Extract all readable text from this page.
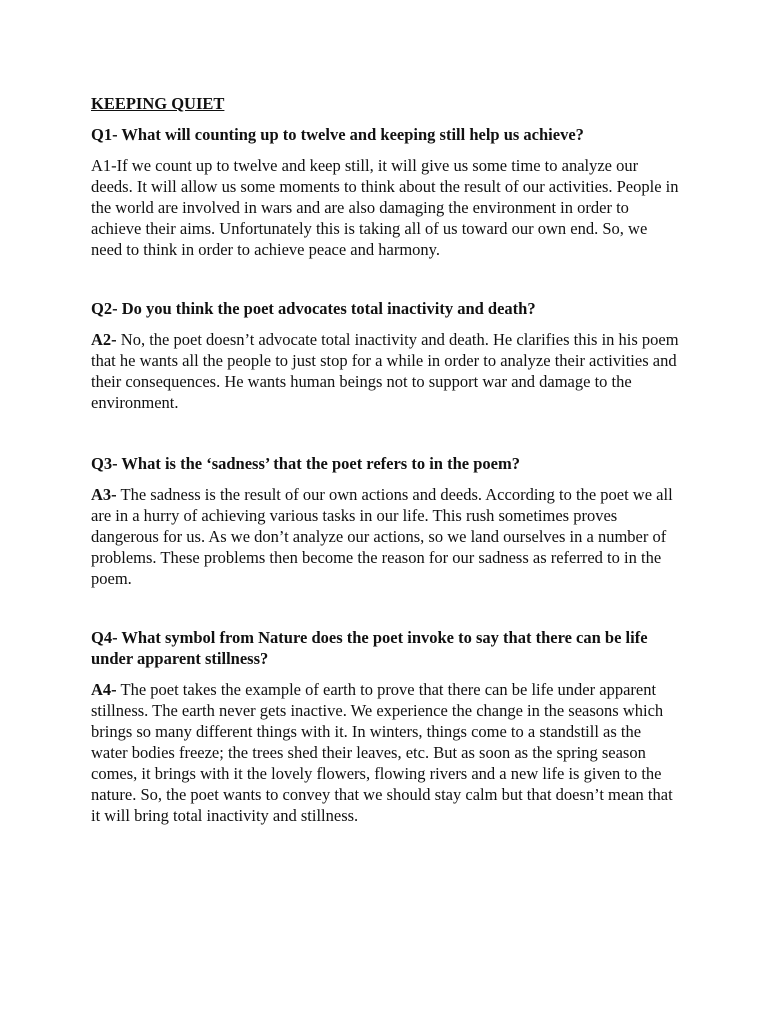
KEEPING QUIET
Q1- What will counting up to twelve and keeping still help us achieve?
A1-If we count up to twelve and keep still, it will give us some time to analyze our deeds. It will allow us some moments to think about the result of our activities. People in the world are involved in wars and are also damaging the environment in order to achieve their aims. Unfortunately this is taking all of us toward our own end. So, we need to think in order to achieve peace and harmony.
Q2- Do you think the poet advocates total inactivity and death?
A2- No, the poet doesn’t advocate total inactivity and death. He clarifies this in his poem that he wants all the people to just stop for a while in order to analyze their activities and their consequences. He wants human beings not to support war and damage to the environment.
Q3- What is the ‘sadness’ that the poet refers to in the poem?
A3- The sadness is the result of our own actions and deeds. According to the poet we all are in a hurry of achieving various tasks in our life. This rush sometimes proves dangerous for us. As we don’t analyze our actions, so we land ourselves in a number of problems. These problems then become the reason for our sadness as referred to in the poem.
Q4- What symbol from Nature does the poet invoke to say that there can be life under apparent stillness?
A4- The poet takes the example of earth to prove that there can be life under apparent stillness. The earth never gets inactive. We experience the change in the seasons which brings so many different things with it. In winters, things come to a standstill as the water bodies freeze; the trees shed their leaves, etc. But as soon as the spring season comes, it brings with it the lovely flowers, flowing rivers and a new life is given to the nature. So, the poet wants to convey that we should stay calm but that doesn’t mean that it will bring total inactivity and stillness.
